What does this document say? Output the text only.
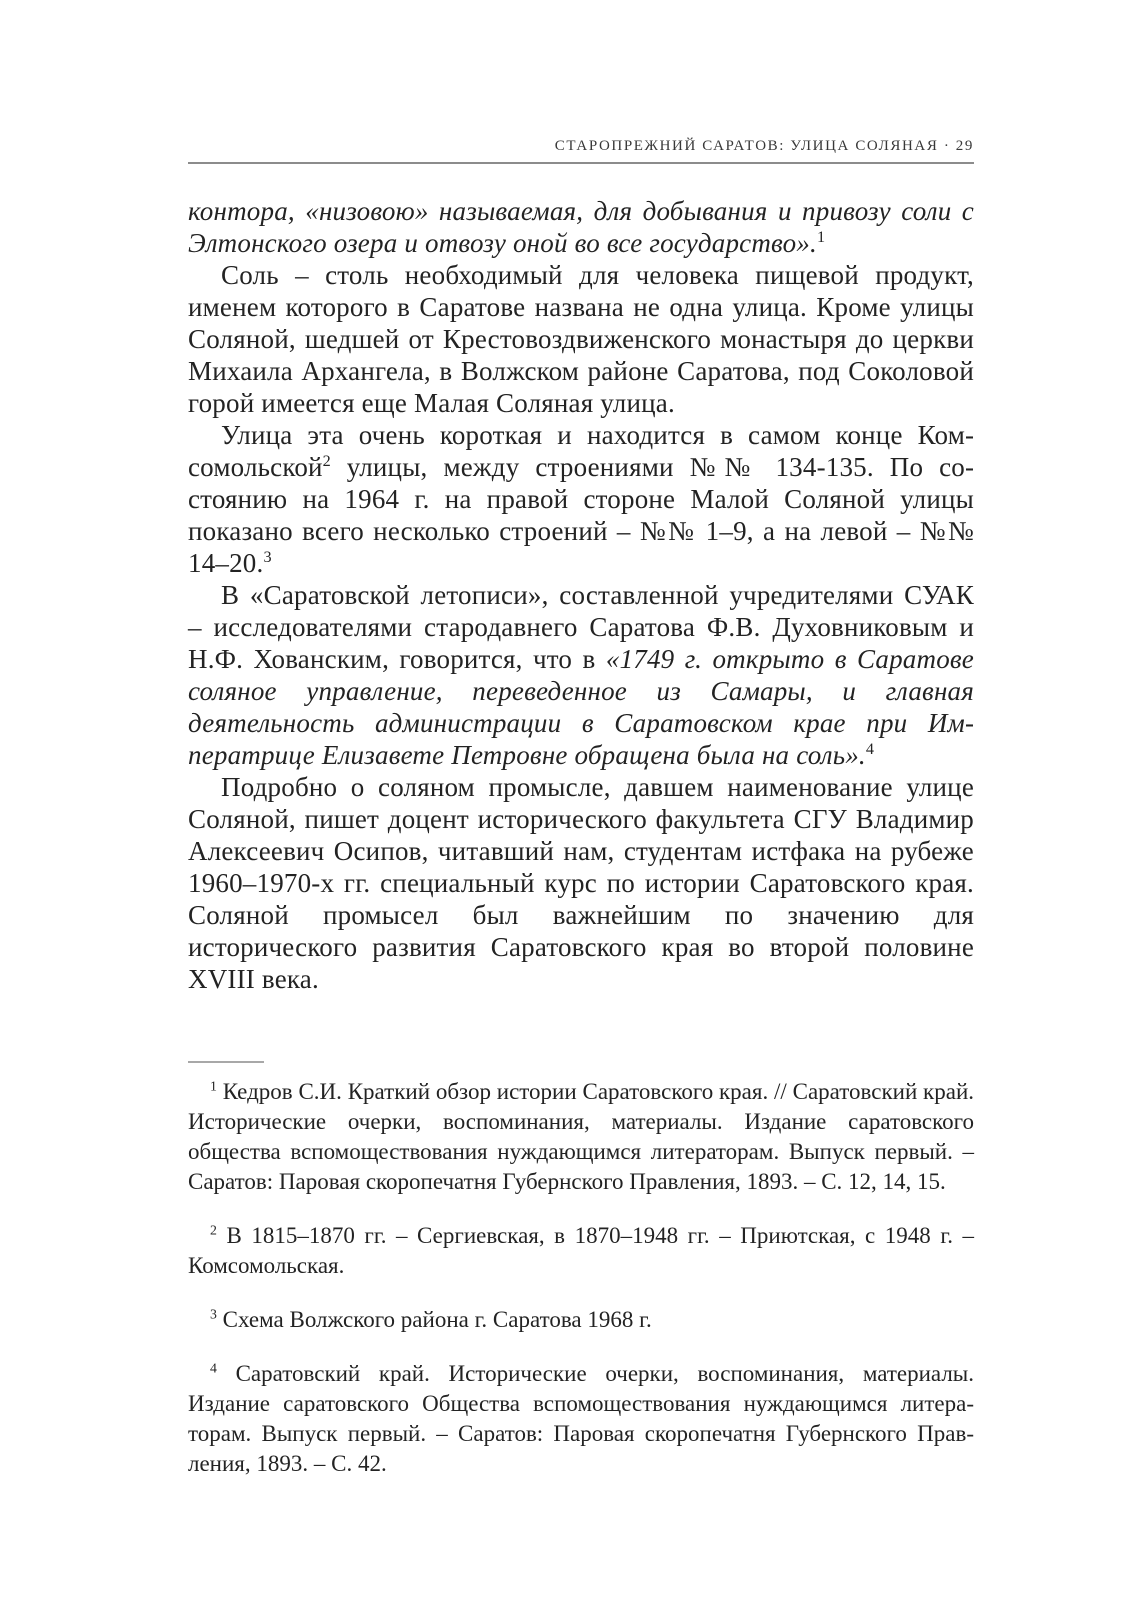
СТАРОПРЕЖНИЙ САРАТОВ: УЛИЦА СОЛЯНАЯ · 29

контора, «низовою» называемая, для добывания и привозу соли с Элтонского озера и отвозу оной во все государство».$^1$

Соль – столь необходимый для человека пищевой продукт, именем которого в Саратове названа не одна улица. Кроме улицы Соляной, шедшей от Крестовоздвиженского монастыря до церкви Михаила Архангела, в Волжском районе Саратова, под Соколовой горой имеется еще Малая Соляная улица.

Улица эта очень короткая и находится в самом конце Комсомольской$^2$ улицы, между строениями №№ 134-135. По состоянию на 1964 г. на правой стороне Малой Соляной улицы показано всего несколько строений – №№ 1–9, а на левой – №№ 14–20.$^3$

В «Саратовской летописи», составленной учредителями СУАК – исследователями стародавнего Саратова Ф.В. Духовниковым и Н.Ф. Хованским, говорится, что в «1749 г. открыто в Саратове соляное управление, переведенное из Самары, и главная деятельность администрации в Саратовском крае при Императрице Елизавете Петровне обращена была на соль».$^4$

Подробно о соляном промысле, давшем наименование улице Соляной, пишет доцент исторического факультета СГУ Владимир Алексеевич Осипов, читавший нам, студентам истфака на рубеже 1960–1970-х гг. специальный курс по истории Саратовского края. Соляной промысел был важнейшим по значению для исторического развития Саратовского края во второй половине XVIII века.

$^1$ Кедров С.И. Краткий обзор истории Саратовского края. // Саратовский край. Исторические очерки, воспоминания, материалы. Издание саратовского общества вспомоществования нуждающимся литераторам. Выпуск первый. – Саратов: Паровая скоропечатня Губернского Правления, 1893. – С. 12, 14, 15.

$^2$ В 1815–1870 гг. – Сергиевская, в 1870–1948 гг. – Приютская, с 1948 г. – Комсомольская.

$^3$ Схема Волжского района г. Саратова 1968 г.

$^4$ Саратовский край. Исторические очерки, воспоминания, материалы. Издание саратовского Общества вспомоществования нуждающимся литераторам. Выпуск первый. – Саратов: Паровая скоропечатня Губернского Правления, 1893. – С. 42.
